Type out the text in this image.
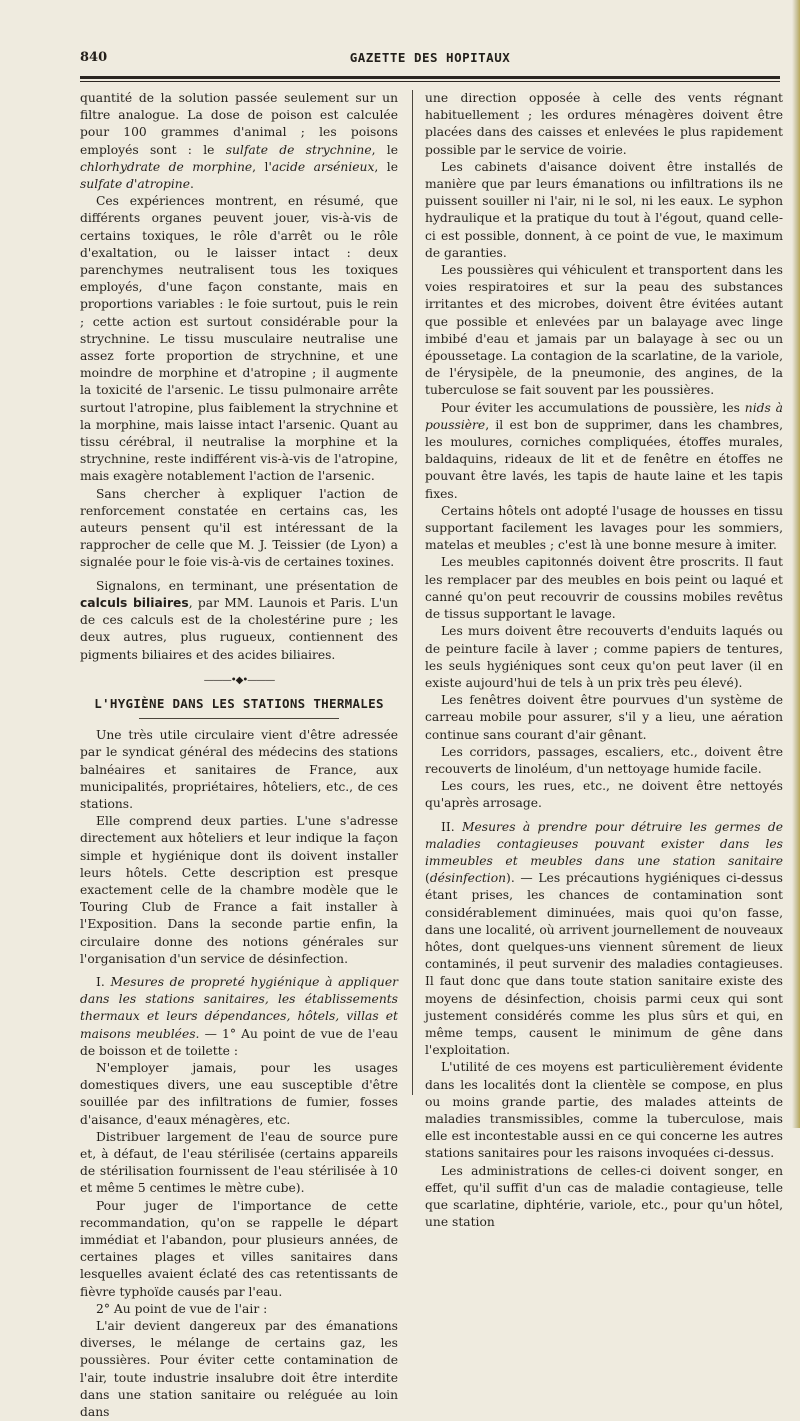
840	GAZETTE DES HOPITAUX

quantité de la solution passée seulement sur un filtre analogue. La dose de poison est calculée pour 100 grammes d'animal ; les poisons employés sont : le sulfate de strychnine, le chlorhydrate de morphine, l'acide arsénieux, le sulfate d'atropine.

Ces expériences montrent, en résumé, que différents organes peuvent jouer, vis-à-vis de certains toxiques, le rôle d'arrêt ou le rôle d'exaltation, ou le laisser intact : deux parenchymes neutralisent tous les toxiques employés, d'une façon constante, mais en proportions variables : le foie surtout, puis le rein ; cette action est surtout considérable pour la strychnine. Le tissu musculaire neutralise une assez forte proportion de strychnine, et une moindre de morphine et d'atropine ; il augmente la toxicité de l'arsenic. Le tissu pulmonaire arrête surtout l'atropine, plus faiblement la strychnine et la morphine, mais laisse intact l'arsenic. Quant au tissu cérébral, il neutralise la morphine et la strychnine, reste indifférent vis-à-vis de l'atropine, mais exagère notablement l'action de l'arsenic.

Sans chercher à expliquer l'action de renforcement constatée en certains cas, les auteurs pensent qu'il est intéressant de la rapprocher de celle que M. J. Teissier (de Lyon) a signalée pour le foie vis-à-vis de certaines toxines.

Signalons, en terminant, une présentation de calculs biliaires, par MM. Launois et Paris. L'un de ces calculs est de la cholestérine pure ; les deux autres, plus rugueux, contiennent des pigments biliaires et des acides biliaires.

———•◆•———
L'HYGIÈNE DANS LES STATIONS THERMALES

Une très utile circulaire vient d'être adressée par le syndicat général des médecins des stations balnéaires et sanitaires de France, aux municipalités, propriétaires, hôteliers, etc., de ces stations.

Elle comprend deux parties. L'une s'adresse directement aux hôteliers et leur indique la façon simple et hygiénique dont ils doivent installer leurs hôtels. Cette description est presque exactement celle de la chambre modèle que le Touring Club de France a fait installer à l'Exposition. Dans la seconde partie enfin, la circulaire donne des notions générales sur l'organisation d'un service de désinfection.

I. Mesures de propreté hygiénique à appliquer dans les stations sanitaires, les établissements thermaux et leurs dépendances, hôtels, villas et maisons meublées. — 1° Au point de vue de l'eau de boisson et de toilette :

N'employer jamais, pour les usages domestiques divers, une eau susceptible d'être souillée par des infiltrations de fumier, fosses d'aisance, d'eaux ménagères, etc.

Distribuer largement de l'eau de source pure et, à défaut, de l'eau stérilisée (certains appareils de stérilisation fournissent de l'eau stérilisée à 10 et même 5 centimes le mètre cube).

Pour juger de l'importance de cette recommandation, qu'on se rappelle le départ immédiat et l'abandon, pour plusieurs années, de certaines plages et villes sanitaires dans lesquelles avaient éclaté des cas retentissants de fièvre typhoïde causés par l'eau.

2° Au point de vue de l'air :

L'air devient dangereux par des émanations diverses, le mélange de certains gaz, les poussières. Pour éviter cette contamination de l'air, toute industrie insalubre doit être interdite dans une station sanitaire ou reléguée au loin dans

une direction opposée à celle des vents régnant habituellement ; les ordures ménagères doivent être placées dans des caisses et enlevées le plus rapidement possible par le service de voirie.

Les cabinets d'aisance doivent être installés de manière que par leurs émanations ou infiltrations ils ne puissent souiller ni l'air, ni le sol, ni les eaux. Le syphon hydraulique et la pratique du tout à l'égout, quand celle-ci est possible, donnent, à ce point de vue, le maximum de garanties.

Les poussières qui véhiculent et transportent dans les voies respiratoires et sur la peau des substances irritantes et des microbes, doivent être évitées autant que possible et enlevées par un balayage avec linge imbibé d'eau et jamais par un balayage à sec ou un époussetage. La contagion de la scarlatine, de la variole, de l'érysipèle, de la pneumonie, des angines, de la tuberculose se fait souvent par les poussières.

Pour éviter les accumulations de poussière, les nids à poussière, il est bon de supprimer, dans les chambres, les moulures, corniches compliquées, étoffes murales, baldaquins, rideaux de lit et de fenêtre en étoffes ne pouvant être lavés, les tapis de haute laine et les tapis fixes.

Certains hôtels ont adopté l'usage de housses en tissu supportant facilement les lavages pour les sommiers, matelas et meubles ; c'est là une bonne mesure à imiter.

Les meubles capitonnés doivent être proscrits. Il faut les remplacer par des meubles en bois peint ou laqué et canné qu'on peut recouvrir de coussins mobiles revêtus de tissus supportant le lavage.

Les murs doivent être recouverts d'enduits laqués ou de peinture facile à laver ; comme papiers de tentures, les seuls hygiéniques sont ceux qu'on peut laver (il en existe aujourd'hui de tels à un prix très peu élevé).

Les fenêtres doivent être pourvues d'un système de carreau mobile pour assurer, s'il y a lieu, une aération continue sans courant d'air gênant.

Les corridors, passages, escaliers, etc., doivent être recouverts de linoléum, d'un nettoyage humide facile.

Les cours, les rues, etc., ne doivent être nettoyés qu'après arrosage.

II. Mesures à prendre pour détruire les germes de maladies contagieuses pouvant exister dans les immeubles et meubles dans une station sanitaire (désinfection). — Les précautions hygiéniques ci-dessus étant prises, les chances de contamination sont considérablement diminuées, mais quoi qu'on fasse, dans une localité, où arrivent journellement de nouveaux hôtes, dont quelques-uns viennent sûrement de lieux contaminés, il peut survenir des maladies contagieuses. Il faut donc que dans toute station sanitaire existe des moyens de désinfection, choisis parmi ceux qui sont justement considérés comme les plus sûrs et qui, en même temps, causent le minimum de gêne dans l'exploitation.

L'utilité de ces moyens est particulièrement évidente dans les localités dont la clientèle se compose, en plus ou moins grande partie, des malades atteints de maladies transmissibles, comme la tuberculose, mais elle est incontestable aussi en ce qui concerne les autres stations sanitaires pour les raisons invoquées ci-dessus.

Les administrations de celles-ci doivent songer, en effet, qu'il suffit d'un cas de maladie contagieuse, telle que scarlatine, diphtérie, variole, etc., pour qu'un hôtel, une station
